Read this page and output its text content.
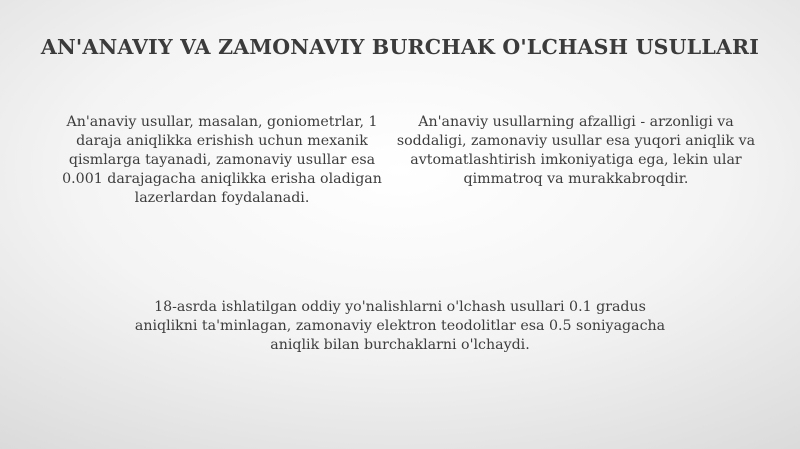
AN'ANAVIY VA ZAMONAVIY BURCHAK O'LCHASH USULLARI

An'anaviy usullar, masalan, goniometrlar, 1 daraja aniqlikka erishish uchun mexanik qismlarga tayanadi, zamonaviy usullar esa 0.001 darajagacha aniqlikka erisha oladigan lazerlardan foydalanadi.

An'anaviy usullarning afzalligi - arzonligi va soddaligi, zamonaviy usullar esa yuqori aniqlik va avtomatlashtirish imkoniyatiga ega, lekin ular qimmatroq va murakkabroqdir.

18-asrda ishlatilgan oddiy yo'nalishlarni o'lchash usullari 0.1 gradus aniqlikni ta'minlagan, zamonaviy elektron teodolitlar esa 0.5 soniyagacha aniqlik bilan burchaklarni o'lchaydi.
